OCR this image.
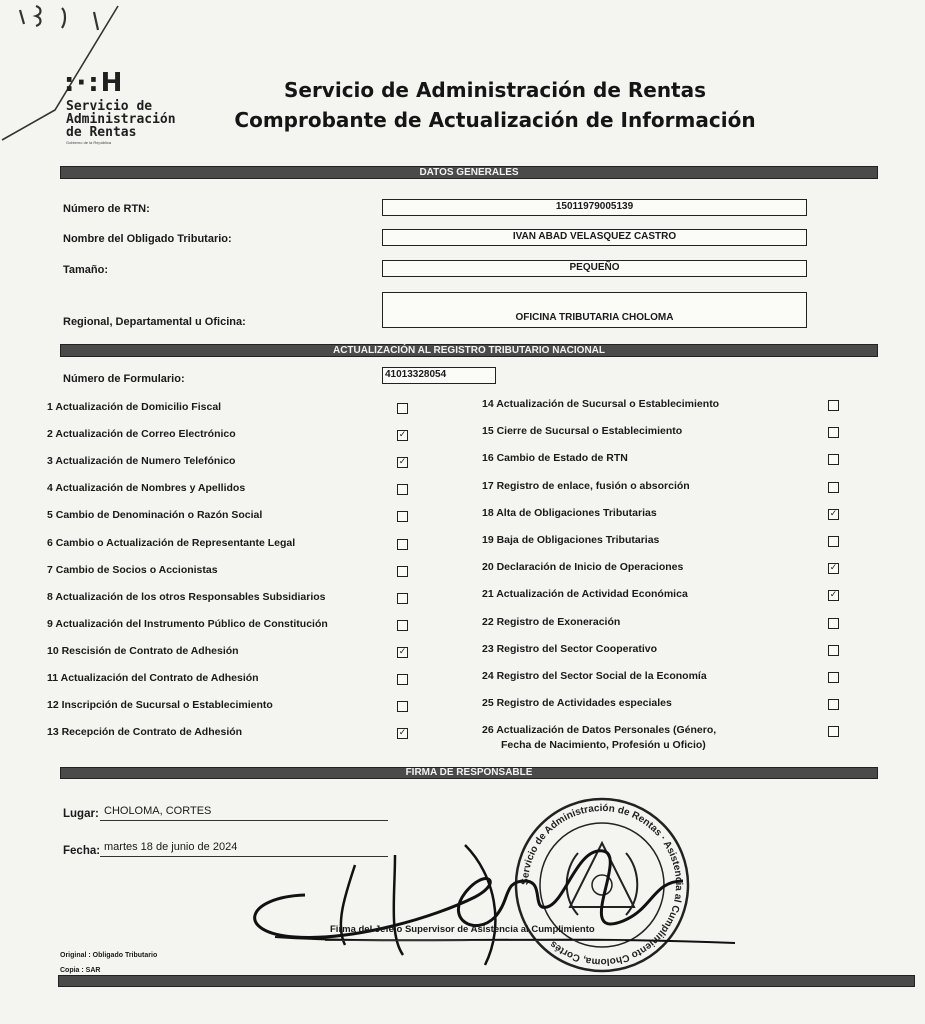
:·:H
Servicio de
Administración
de Rentas
Gobierno de la República
Servicio de Administración de Rentas
Comprobante de Actualización de Información
DATOS GENERALES
Número de RTN:	15011979005139
Nombre del Obligado Tributario:	IVAN ABAD VELASQUEZ CASTRO
Tamaño:	PEQUEÑO
Regional, Departamental u Oficina:	OFICINA TRIBUTARIA CHOLOMA
ACTUALIZACIÓN AL REGISTRO TRIBUTARIO NACIONAL
Número de Formulario:	41013328054
1 Actualización de Domicilio Fiscal
2 Actualización de Correo Electrónico	✓
3 Actualización de Numero Telefónico	✓
4 Actualización de Nombres y Apellidos
5 Cambio de Denominación o Razón Social
6 Cambio o Actualización de Representante Legal
7 Cambio de Socios o Accionistas
8 Actualización de los otros Responsables Subsidiarios
9 Actualización del Instrumento Público de Constitución
10 Rescisión de Contrato de Adhesión	✓
11 Actualización del Contrato de Adhesión
12 Inscripción de Sucursal o Establecimiento
13 Recepción de Contrato de Adhesión	✓
14 Actualización de Sucursal o Establecimiento
15 Cierre de Sucursal o Establecimiento
16 Cambio de Estado de RTN
17 Registro de enlace, fusión o absorción
18 Alta de Obligaciones Tributarias	✓
19 Baja de Obligaciones Tributarias
20 Declaración de Inicio de Operaciones	✓
21 Actualización de Actividad Económica	✓
22 Registro de Exoneración
23 Registro del Sector Cooperativo
24 Registro del Sector Social de la Economía
25 Registro de Actividades especiales
26 Actualización de Datos Personales (Género,
Fecha de Nacimiento, Profesión u Oficio)
FIRMA DE RESPONSABLE
Lugar: CHOLOMA, CORTES
Fecha: martes 18 de junio de 2024
Servicio de Administración de Rentas · Asistencia al Cumplimiento Choloma, Cortés
Firma del Jefe o Supervisor de Asistencia al Cumplimiento
Original : Obligado Tributario
Copia : SAR
